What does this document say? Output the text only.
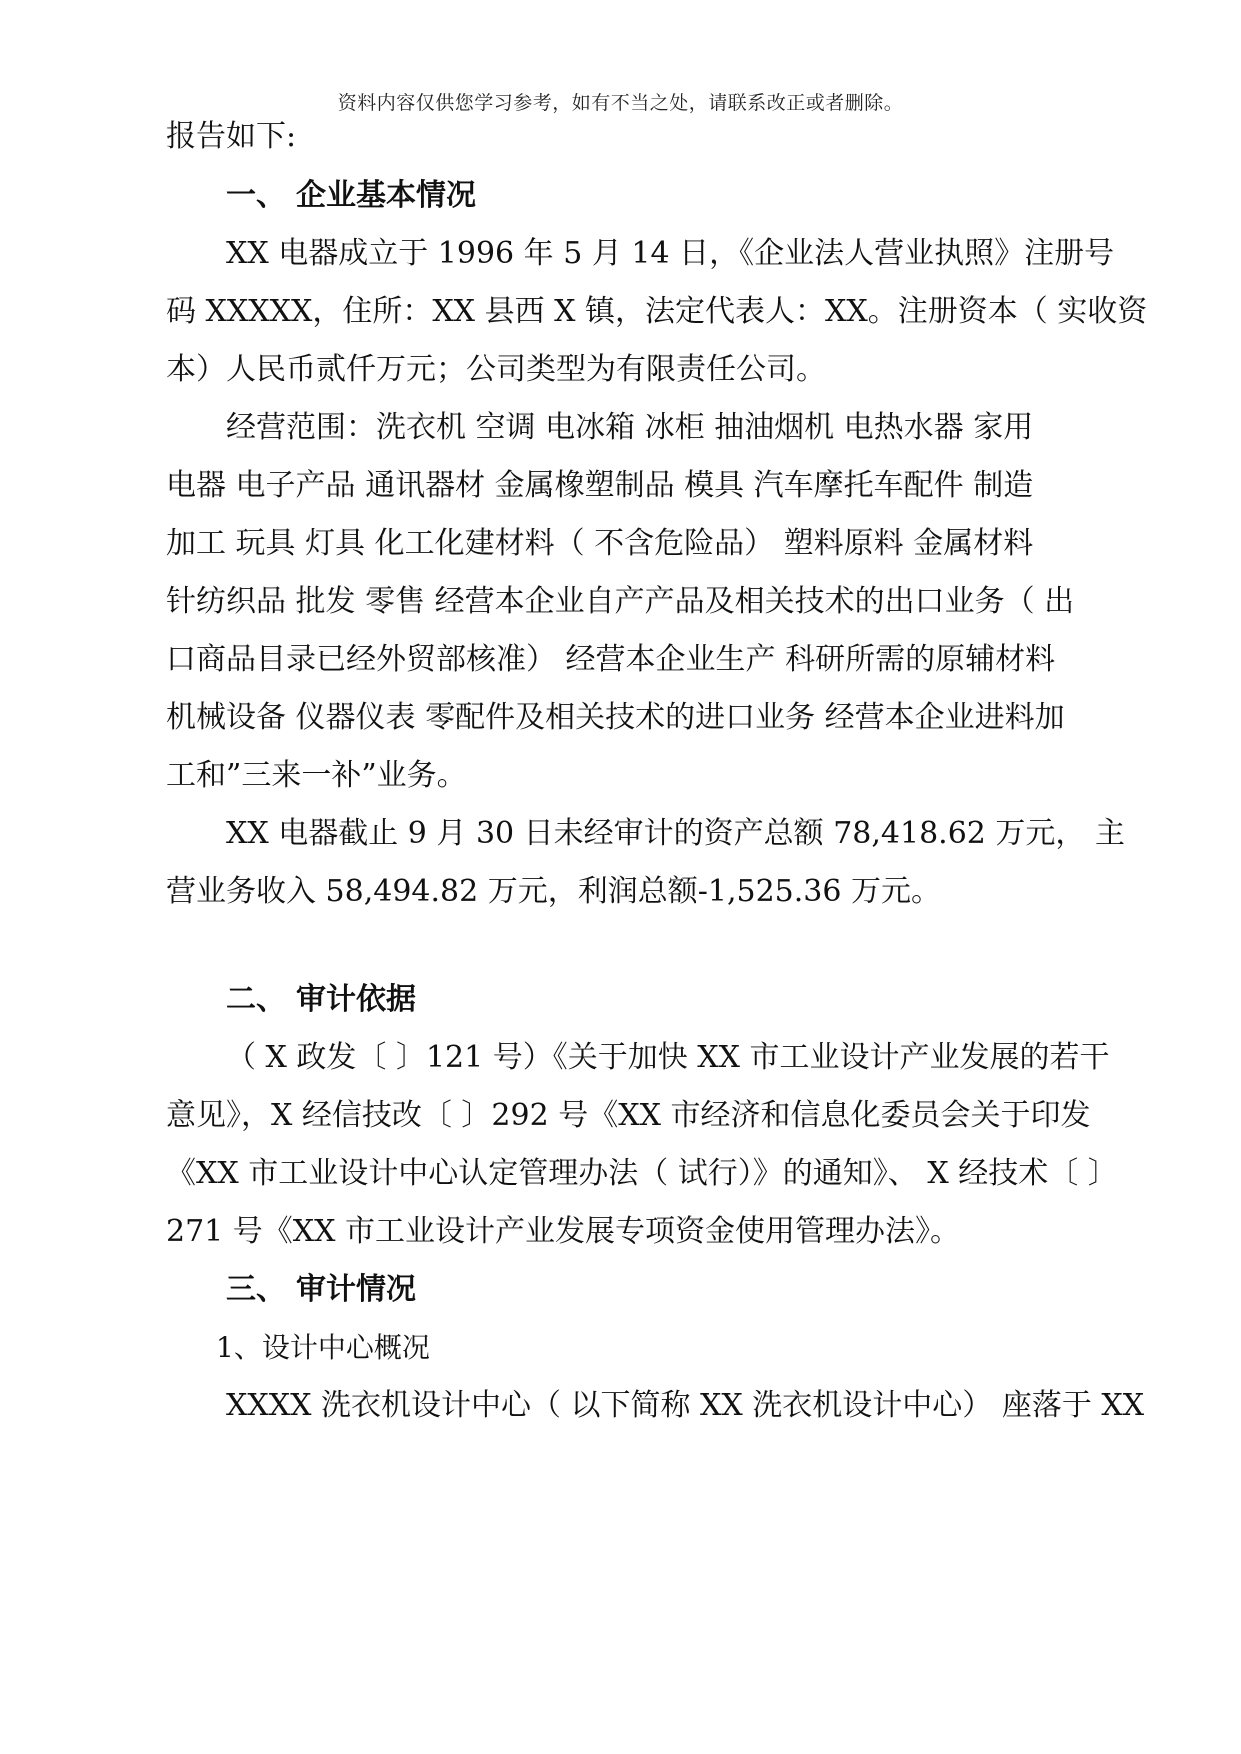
资料内容仅供您学习参考，如有不当之处，请联系改正或者删除。
报告如下:
一、 企业基本情况
XX 电器成立于 1996 年 5 月 14 日，《企业法人营业执照》注册号
码 XXXXX，住所：XX 县西 X 镇，法定代表人：XX。注册资本（ 实收资
本）人民币贰仟万元；公司类型为有限责任公司。
经营范围：洗衣机 空调 电冰箱 冰柜 抽油烟机 电热水器 家用
电器 电子产品 通讯器材 金属橡塑制品 模具 汽车摩托车配件 制造
加工 玩具 灯具 化工化建材料（ 不含危险品） 塑料原料 金属材料
针纺织品 批发 零售 经营本企业自产产品及相关技术的出口业务（ 出
口商品目录已经外贸部核准） 经营本企业生产 科研所需的原辅材料
机械设备 仪器仪表 零配件及相关技术的进口业务 经营本企业进料加
工和”三来一补”业务。
XX 电器截止 9 月 30 日未经审计的资产总额 78,418.62 万元， 主
营业务收入 58,494.82 万元，利润总额-1,525.36 万元。
二、 审计依据
（ X 政发〔 〕121 号）《关于加快 XX 市工业设计产业发展的若干
意见》，X 经信技改〔 〕292 号《XX 市经济和信息化委员会关于印发
《XX 市工业设计中心认定管理办法（ 试行）》的通知》、 X 经技术〔 〕
271 号《XX 市工业设计产业发展专项资金使用管理办法》。
三、 审计情况
1、设计中心概况
XXXX 洗衣机设计中心（ 以下简称 XX 洗衣机设计中心） 座落于 XX
